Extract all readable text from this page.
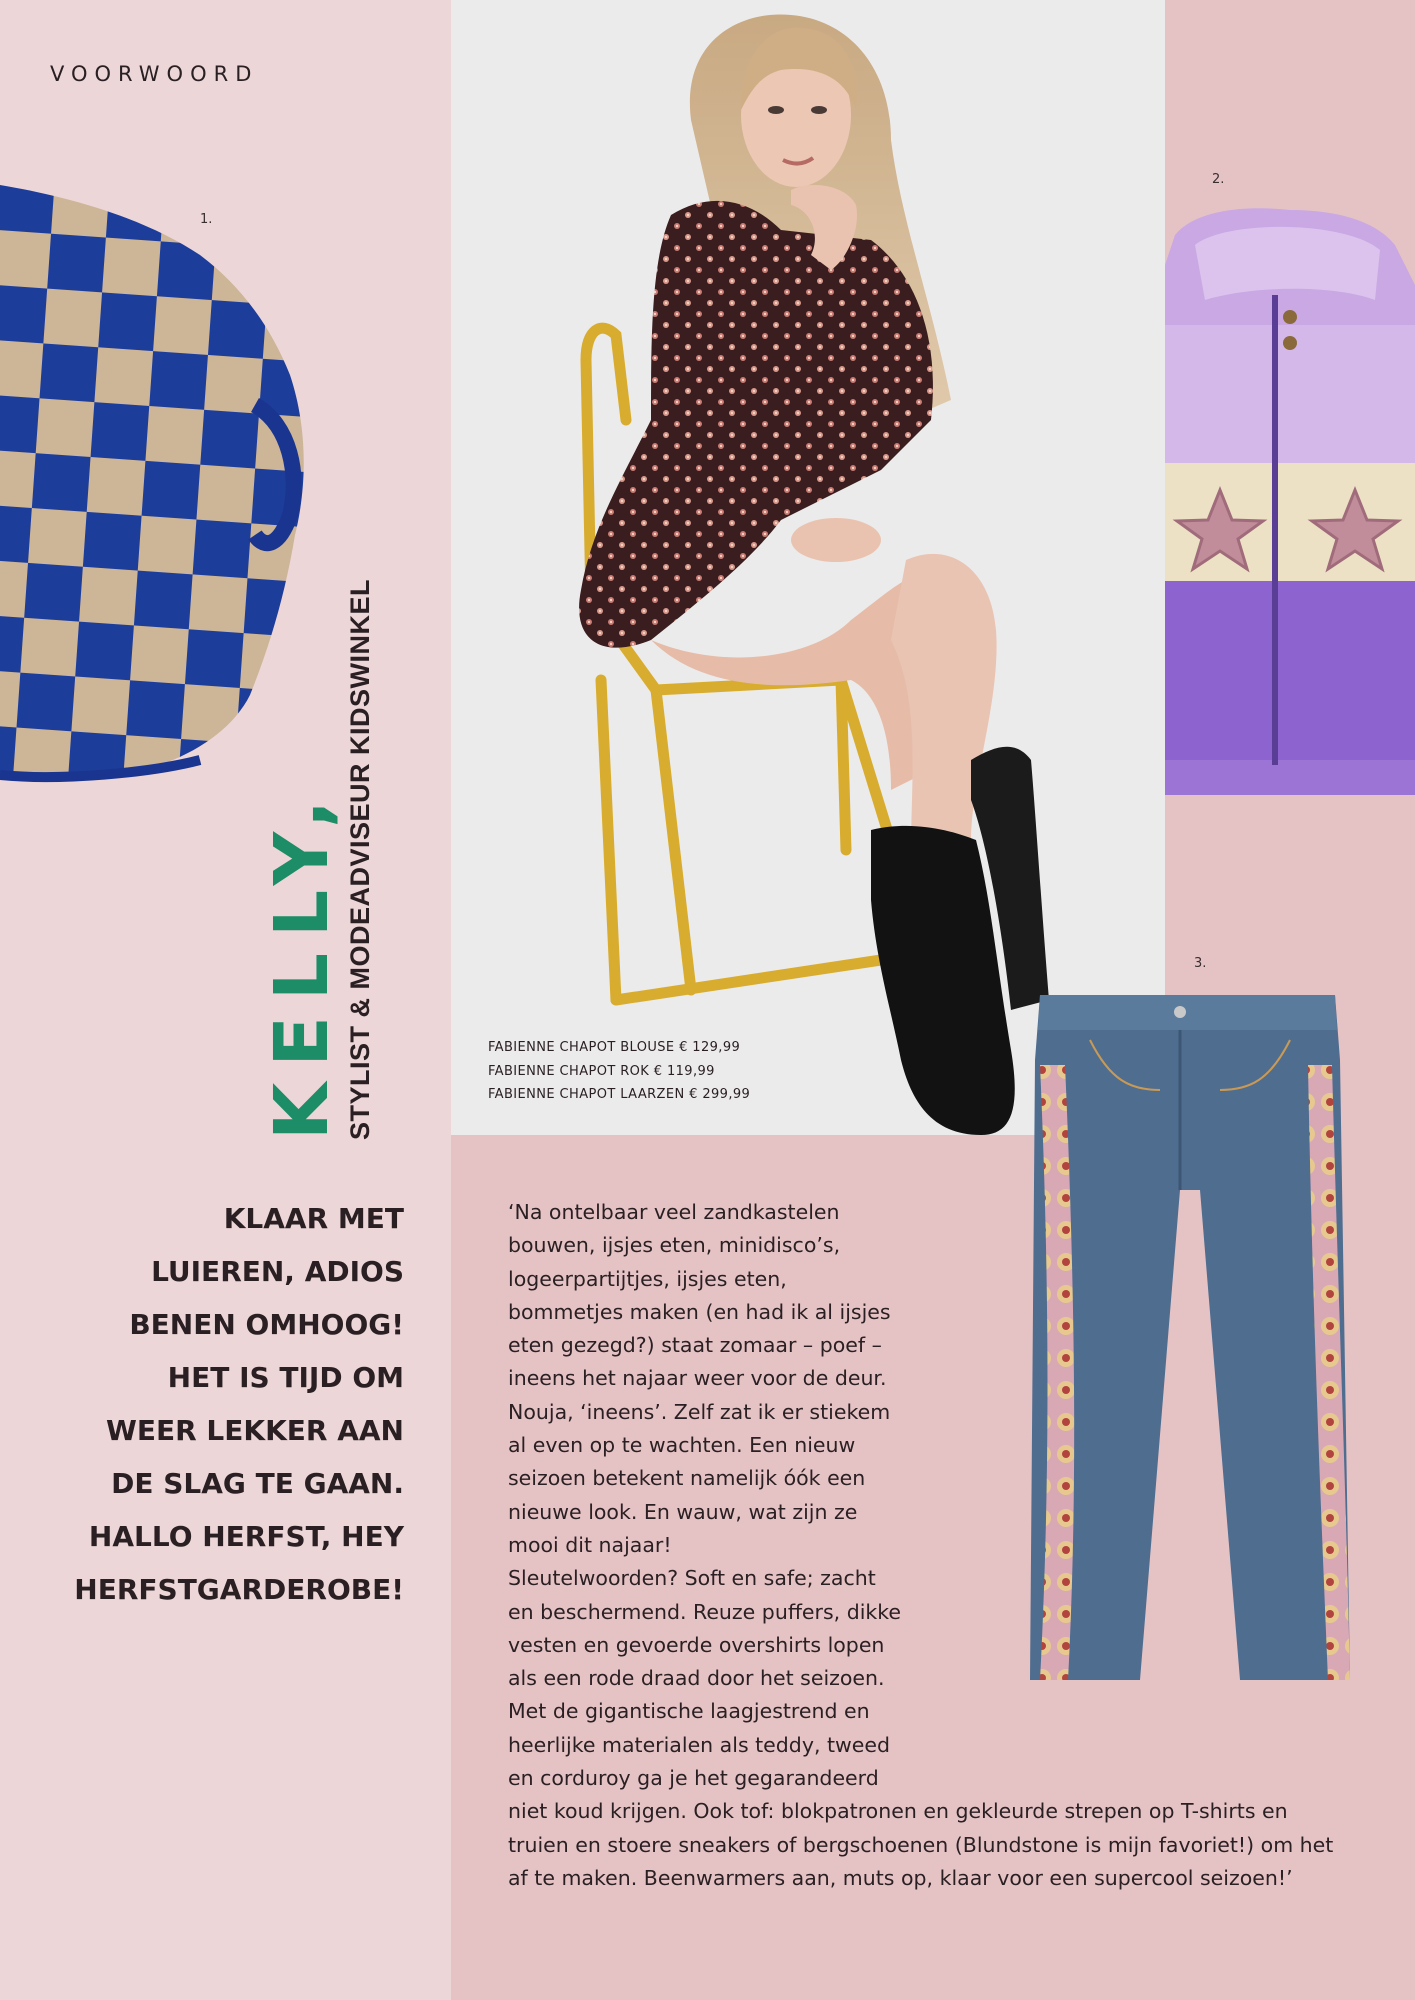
VOORWOORD
1.
2.
3.
KELLY, STYLIST & MODEADVISEUR KIDSWINKEL	FABIENNE CHAPOT BLOUSE € 129,99
FABIENNE CHAPOT ROK € 119,99
FABIENNE CHAPOT LAARZEN € 299,99
KLAAR MET
LUIEREN, ADIOS
BENEN OMHOOG!
HET IS TIJD OM
WEER LEKKER AAN
DE SLAG TE GAAN.
HALLO HERFST, HEY
HERFSTGARDEROBE!
‘Na ontelbaar veel zandkastelen
bouwen, ijsjes eten, minidisco’s,
logeerpartijtjes, ijsjes eten,
bommetjes maken (en had ik al ijsjes
eten gezegd?) staat zomaar – poef –
ineens het najaar weer voor de deur.
Nouja, ‘ineens’. Zelf zat ik er stiekem
al even op te wachten. Een nieuw
seizoen betekent namelijk óók een
nieuwe look. En wauw, wat zijn ze
mooi dit najaar!
Sleutelwoorden? Soft en safe; zacht
en beschermend. Reuze puffers, dikke
vesten en gevoerde overshirts lopen
als een rode draad door het seizoen.
Met de gigantische laagjestrend en
heerlijke materialen als teddy, tweed
en corduroy ga je het gegarandeerd
niet koud krijgen. Ook tof: blokpatronen en gekleurde strepen op T-shirts en
truien en stoere sneakers of bergschoenen (Blundstone is mijn favoriet!) om het
af te maken. Beenwarmers aan, muts op, klaar voor een supercool seizoen!’
